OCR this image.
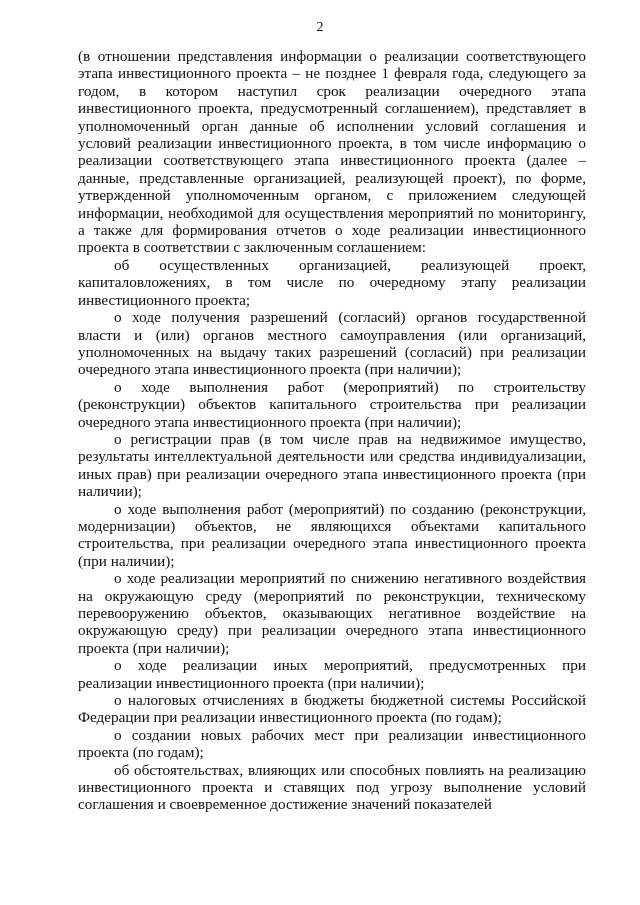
2

(в отношении представления информации о реализации соответствующего этапа инвестиционного проекта – не позднее 1 февраля года, следующего за годом, в котором наступил срок реализации очередного этапа инвестиционного проекта, предусмотренный соглашением), представляет в уполномоченный орган данные об исполнении условий соглашения и условий реализации инвестиционного проекта, в том числе информацию о реализации соответствующего этапа инвестиционного проекта (далее – данные, представленные организацией, реализующей проект), по форме, утвержденной уполномоченным органом, с приложением следующей информации, необходимой для осуществления мероприятий по мониторингу, а также для формирования отчетов о ходе реализации инвестиционного проекта в соответствии с заключенным соглашением:

об осуществленных организацией, реализующей проект, капиталовложениях, в том числе по очередному этапу реализации инвестиционного проекта;

о ходе получения разрешений (согласий) органов государственной власти и (или) органов местного самоуправления (или организаций, уполномоченных на выдачу таких разрешений (согласий) при реализации очередного этапа инвестиционного проекта (при наличии);

о ходе выполнения работ (мероприятий) по строительству (реконструкции) объектов капитального строительства при реализации очередного этапа инвестиционного проекта (при наличии);

о регистрации прав (в том числе прав на недвижимое имущество, результаты интеллектуальной деятельности или средства индивидуализации, иных прав) при реализации очередного этапа инвестиционного проекта (при наличии);

о ходе выполнения работ (мероприятий) по созданию (реконструкции, модернизации) объектов, не являющихся объектами капитального строительства, при реализации очередного этапа инвестиционного проекта (при наличии);

о ходе реализации мероприятий по снижению негативного воздействия на окружающую среду (мероприятий по реконструкции, техническому перевооружению объектов, оказывающих негативное воздействие на окружающую среду) при реализации очередного этапа инвестиционного проекта (при наличии);

о ходе реализации иных мероприятий, предусмотренных при реализации инвестиционного проекта (при наличии);

о налоговых отчислениях в бюджеты бюджетной системы Российской Федерации при реализации инвестиционного проекта (по годам);

о создании новых рабочих мест при реализации инвестиционного проекта (по годам);

об обстоятельствах, влияющих или способных повлиять на реализацию инвестиционного проекта и ставящих под угрозу выполнение условий соглашения и своевременное достижение значений показателей
